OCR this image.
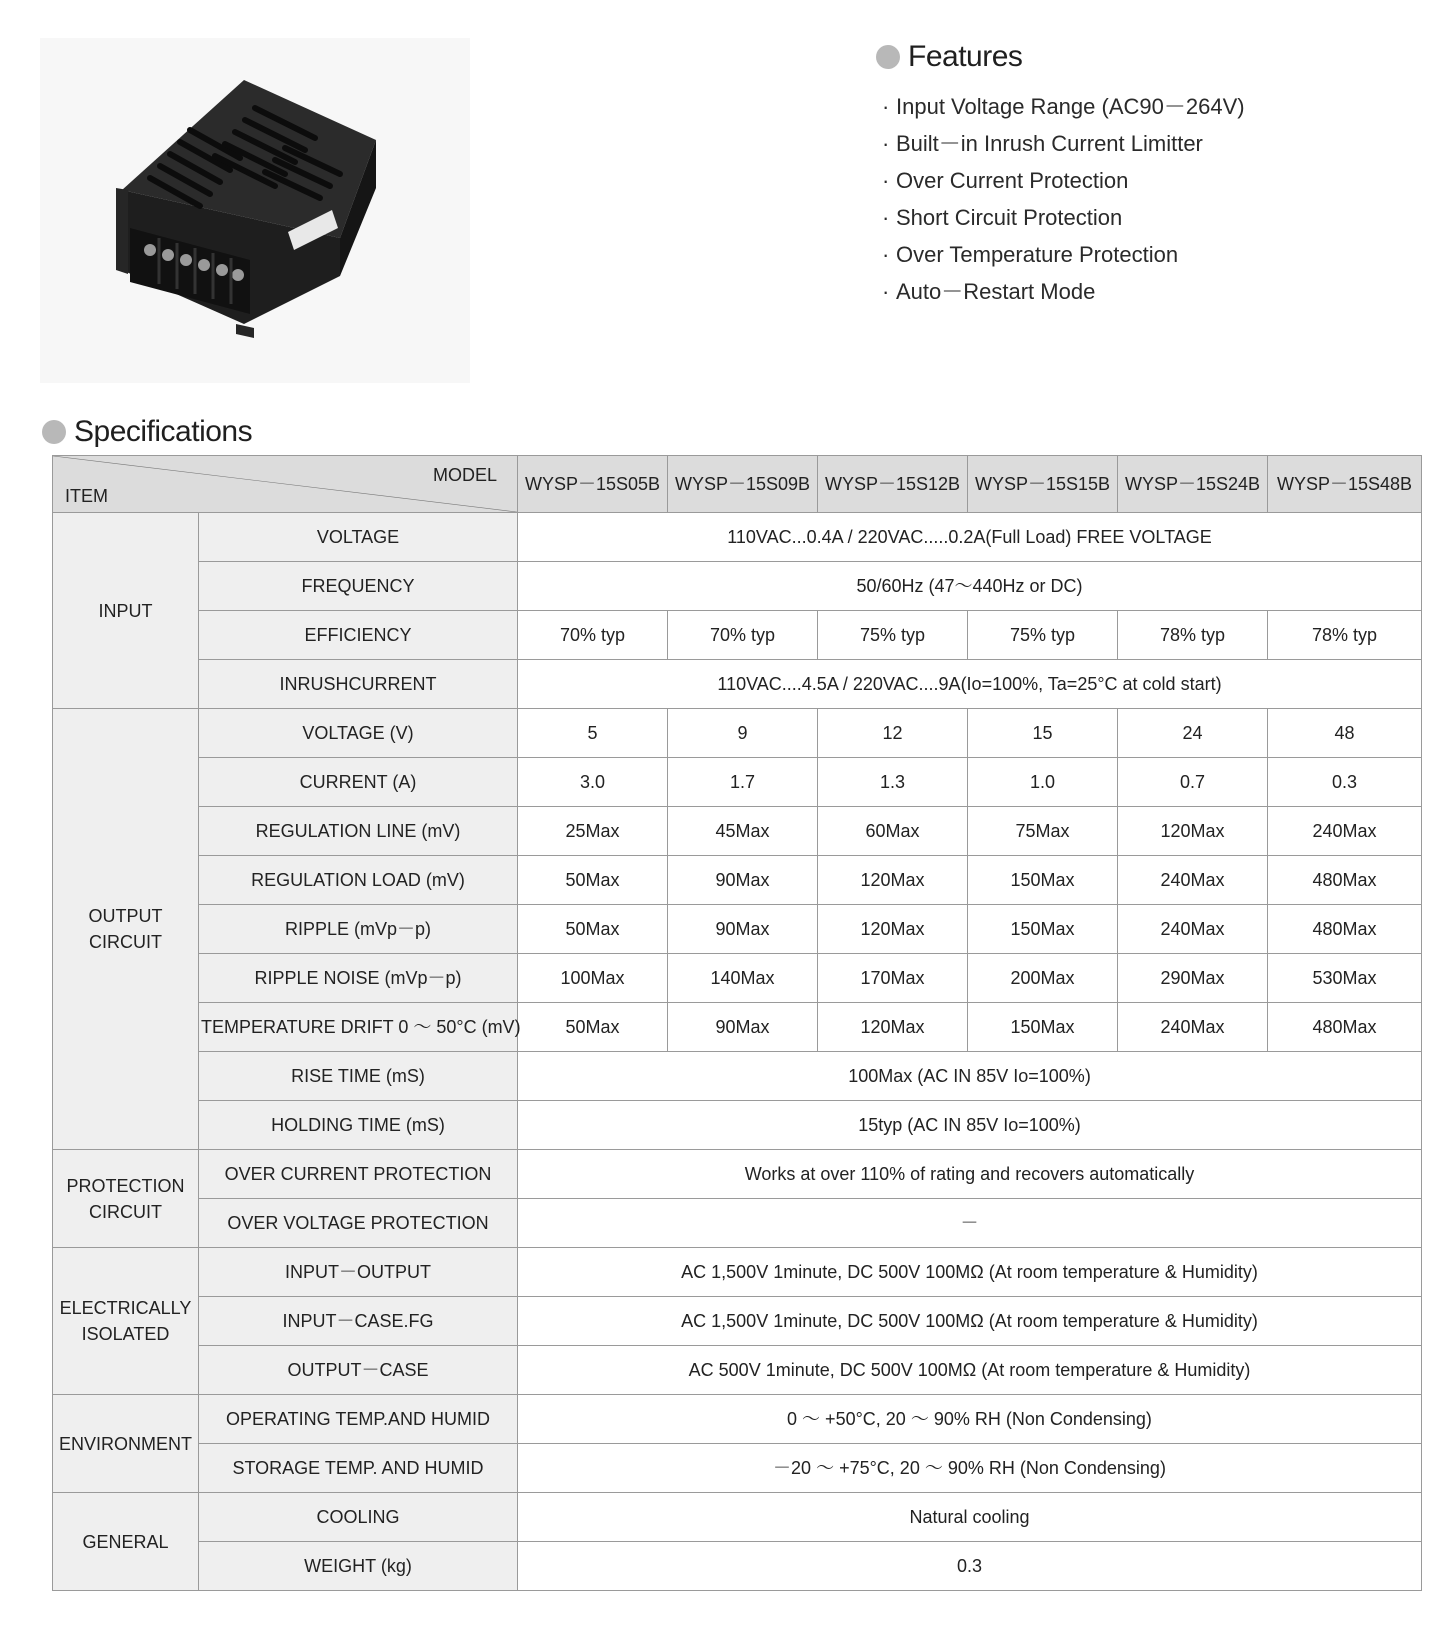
Features
· Input Voltage Range (AC90－264V)
· Built－in Inrush Current Limitter
· Over Current Protection
· Short Circuit Protection
· Over Temperature Protection
· Auto－Restart Mode
Specifications
MODEL
ITEM		WYSP－15S05B	WYSP－15S09B	WYSP－15S12B	WYSP－15S15B	WYSP－15S24B	WYSP－15S48B
INPUT	VOLTAGE	110VAC...0.4A / 220VAC.....0.2A(Full Load) FREE VOLTAGE					
	FREQUENCY	50/60Hz (47～440Hz or DC)					
	EFFICIENCY	70% typ	70% typ	75% typ	75% typ	78% typ	78% typ
	INRUSHCURRENT	110VAC....4.5A / 220VAC....9A(Io=100%, Ta=25°C at cold start)					
OUTPUT
CIRCUIT	VOLTAGE (V)	5	9	12	15	24	48
	CURRENT (A)	3.0	1.7	1.3	1.0	0.7	0.3
	REGULATION LINE (mV)	25Max	45Max	60Max	75Max	120Max	240Max
	REGULATION LOAD (mV)	50Max	90Max	120Max	150Max	240Max	480Max
	RIPPLE (mVp－p)	50Max	90Max	120Max	150Max	240Max	480Max
	RIPPLE NOISE (mVp－p)	100Max	140Max	170Max	200Max	290Max	530Max
	TEMPERATURE DRIFT 0 ～ 50°C (mV)	50Max	90Max	120Max	150Max	240Max	480Max
	RISE TIME (mS)	100Max (AC IN 85V Io=100%)					
	HOLDING TIME (mS)	15typ (AC IN 85V Io=100%)					
PROTECTION
CIRCUIT	OVER CURRENT PROTECTION	Works at over 110% of rating and recovers automatically					
	OVER VOLTAGE PROTECTION	－					
ELECTRICALLY
ISOLATED	INPUT－OUTPUT	AC 1,500V 1minute, DC 500V 100MΩ (At room temperature & Humidity)					
	INPUT－CASE.FG	AC 1,500V 1minute, DC 500V 100MΩ (At room temperature & Humidity)					
	OUTPUT－CASE	AC 500V 1minute, DC 500V 100MΩ (At room temperature & Humidity)					
ENVIRONMENT	OPERATING TEMP.AND HUMID	0 ～ +50°C, 20 ～ 90% RH (Non Condensing)					
	STORAGE TEMP. AND HUMID	－20 ～ +75°C, 20 ～ 90% RH (Non Condensing)					
GENERAL	COOLING	Natural cooling					
	WEIGHT (kg)	0.3					
